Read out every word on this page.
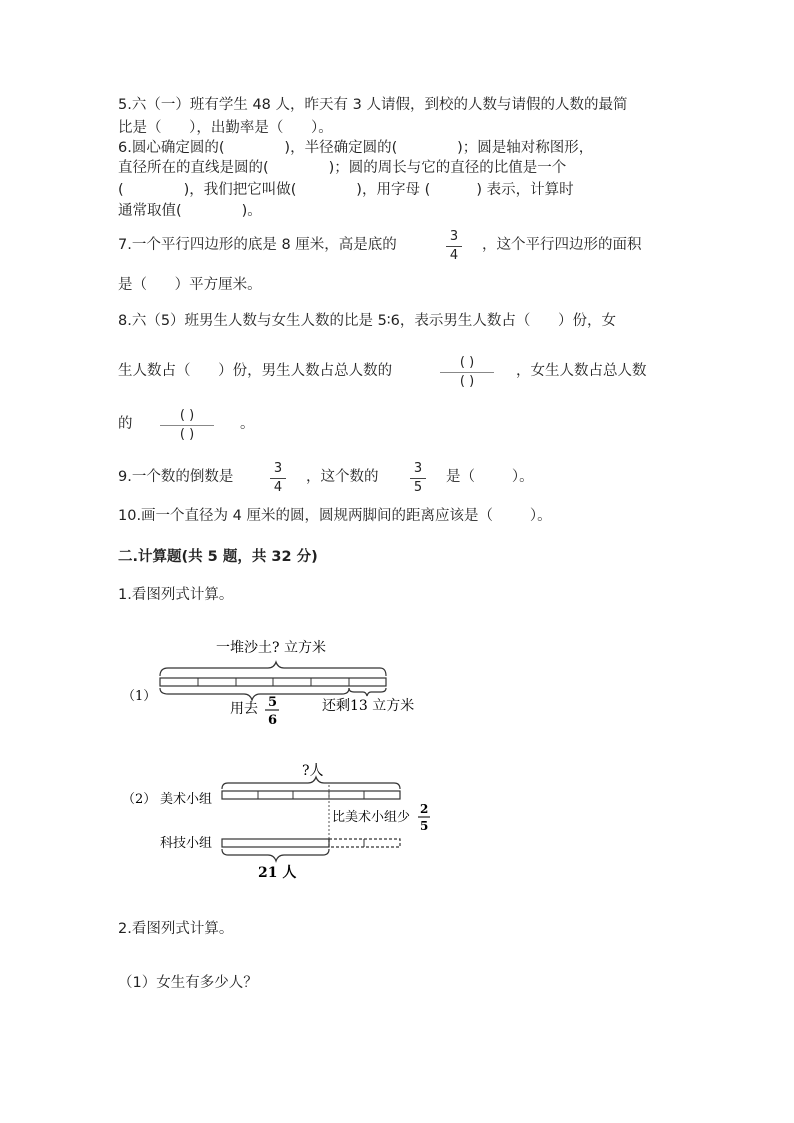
5.六（一）班有学生 48 人，昨天有 3 人请假，到校的人数与请假的人数的最简
比是（      ），出勤率是（      ）。
6.圆心确定圆的(             )，半径确定圆的(             )；圆是轴对称图形，
直径所在的直线是圆的(             )；圆的周长与它的直径的比值是一个
(             )，我们把它叫做(             )，用字母 (          ) 表示，计算时
通常取值(             )。
7.一个平行四边形的底是 8 厘米，高是底的
3
4
，这个平行四边形的面积
是（      ）平方厘米。
8.六（5）班男生人数与女生人数的比是 5∶6，表示男生人数占（      ）份，女
生人数占（      ）份，男生人数占总人数的
( )
( )
，女生人数占总人数
的
( )
( )
。
9.一个数的倒数是
3
4
，这个数的
3
5
是（        ）。
10.画一个直径为 4 厘米的圆，圆规两脚间的距离应该是（        ）。
二.计算题(共 5 题，共 32 分)
1.看图列式计算。
（1）
一堆沙土? 立方米
用去 5
6
还剩13 立方米
（2） 美术小组
?人
比美术小组少
2
5
科技小组
21 人
2.看图列式计算。
（1）女生有多少人？
